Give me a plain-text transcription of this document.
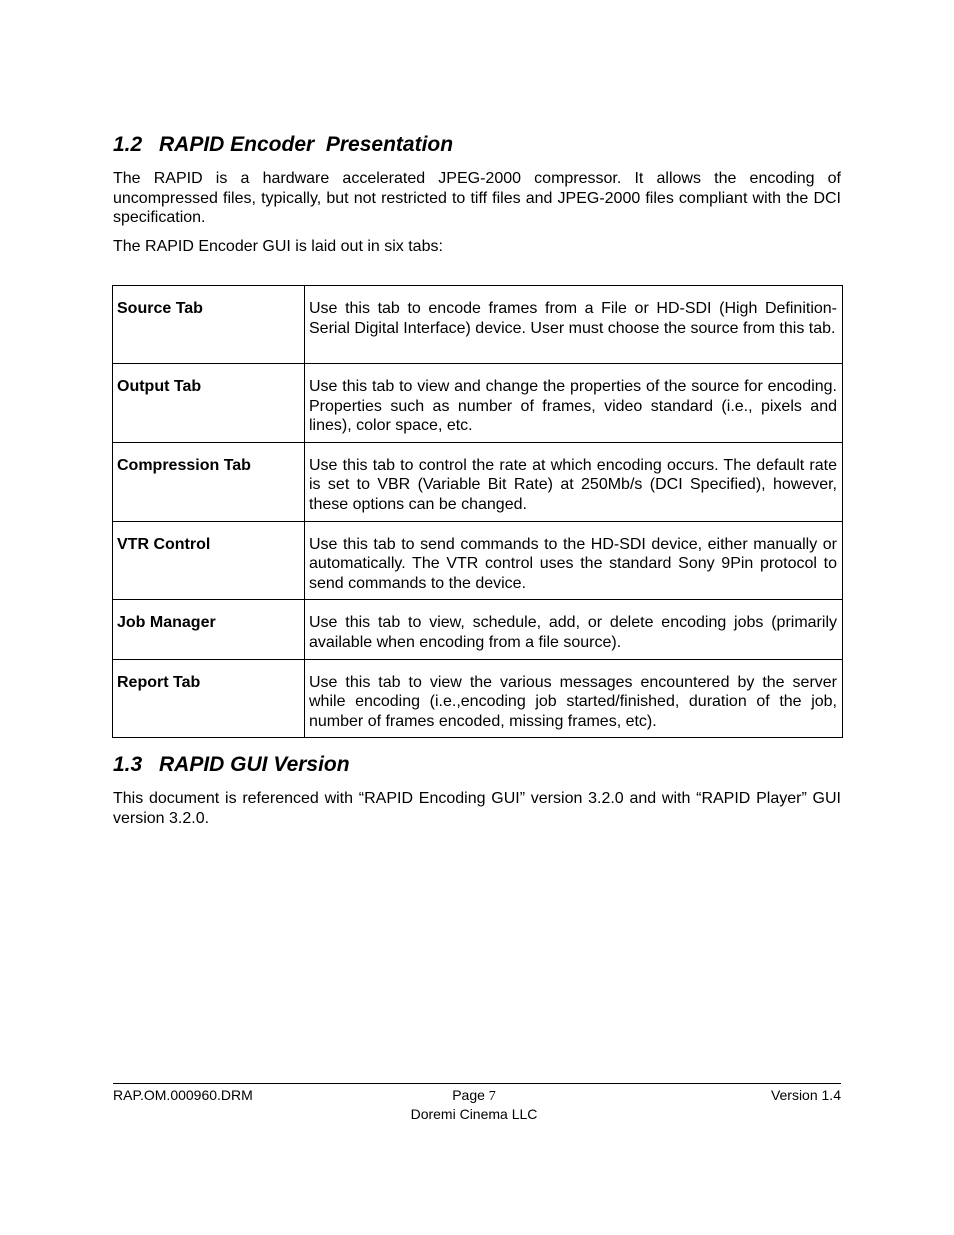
1.2 RAPID Encoder  Presentation

The RAPID is a hardware accelerated JPEG-2000 compressor. It allows the encoding of uncompressed files, typically, but not restricted to tiff files and JPEG-2000 files compliant with the DCI specification.

The RAPID Encoder GUI is laid out in six tabs:

Source Tab	Use this tab to encode frames from a File or HD-SDI (High Definition-Serial Digital Interface) device. User must choose the source from this tab.
Output Tab	Use this tab to view and change the properties of the source for encoding. Properties such as number of frames, video standard (i.e., pixels and lines), color space, etc.
Compression Tab	Use this tab to control the rate at which encoding occurs. The default rate is set to VBR (Variable Bit Rate) at 250Mb/s (DCI Specified), however, these options can be changed.
VTR Control	Use this tab to send commands to the HD-SDI device, either manually or automatically. The VTR control uses the standard Sony 9Pin protocol to send commands to the device.
Job Manager	Use this tab to view, schedule, add, or delete encoding jobs (primarily available when encoding from a file source).
Report Tab	Use this tab to view the various messages encountered by the server while encoding (i.e.,encoding job started/finished, duration of the job, number of frames encoded, missing frames, etc).
1.3 RAPID GUI Version

This document is referenced with “RAPID Encoding GUI” version 3.2.0 and with “RAPID Player” GUI version 3.2.0.

RAP.OM.000960.DRM	Page 7	Version 1.4
Doremi Cinema LLC
